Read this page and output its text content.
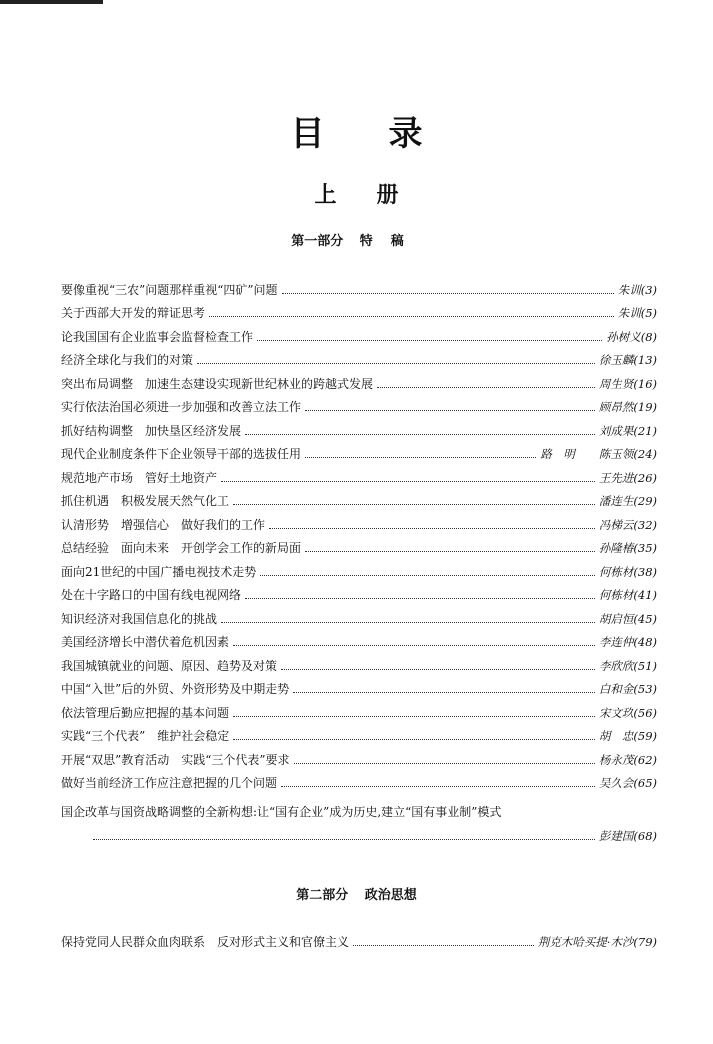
目录
上册
第一部分 特稿
要像重视“三农”问题那样重视“四矿”问题	朱训(3)
关于西部大开发的辩证思考	朱训(5)
论我国国有企业监事会监督检查工作	孙树义(8)
经济全球化与我们的对策	徐玉麟(13)
突出布局调整　加速生态建设实现新世纪林业的跨越式发展	周生贤(16)
实行依法治国必须进一步加强和改善立法工作	顾昂然(19)
抓好结构调整　加快垦区经济发展	刘成果(21)
现代企业制度条件下企业领导干部的选拔任用	路　明 陈玉领(24)
规范地产市场　管好土地资产	王先进(26)
抓住机遇　积极发展天然气化工	潘连生(29)
认清形势　增强信心　做好我们的工作	冯梯云(32)
总结经验　面向未来　开创学会工作的新局面	孙隆椿(35)
面向21世纪的中国广播电视技术走势	何栋材(38)
处在十字路口的中国有线电视网络	何栋材(41)
知识经济对我国信息化的挑战	胡启恒(45)
美国经济增长中潜伏着危机因素	李连仲(48)
我国城镇就业的问题、原因、趋势及对策	李欣欣(51)
中国“入世”后的外贸、外资形势及中期走势	白和金(53)
依法管理后勤应把握的基本问题	宋文玖(56)
实践“三个代表”　维护社会稳定	胡　忠(59)
开展“双思”教育活动　实践“三个代表”要求	杨永茂(62)
做好当前经济工作应注意把握的几个问题	吴久会(65)
国企改革与国资战略调整的全新构想:让“国有企业”成为历史,建立“国有事业制”模式
彭建国(68)
第二部分 政治思想
保持党同人民群众血肉联系　反对形式主义和官僚主义	荆克木哈买提·木沙(79)
